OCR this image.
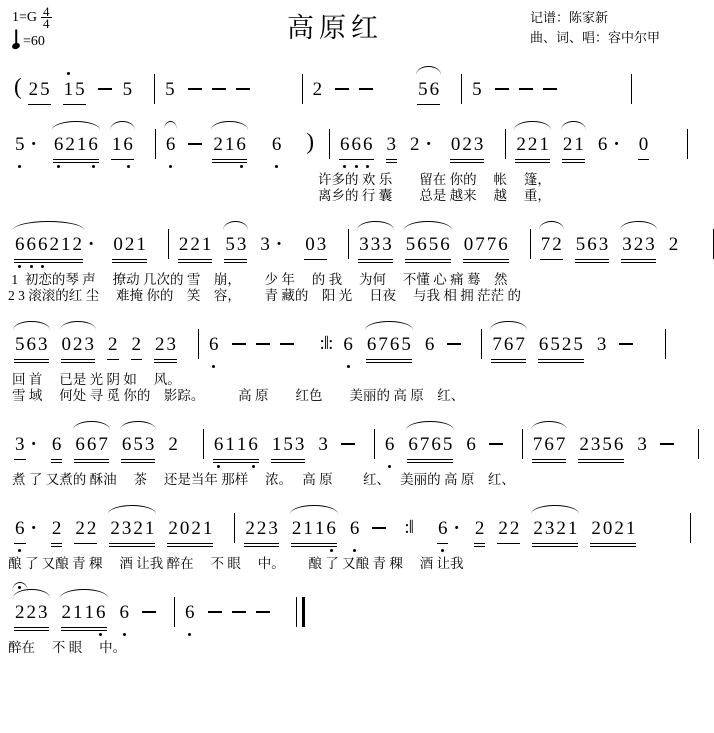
$1=G \frac{4}{4}$
=60	高原红	记谱：陈家新
曲、词、唱：容中尔甲
( 2 5 1 5 5 5	2	5 6 5
5 · 6 2 1 6 1 6 6 2 1 6 6 ) 6 6 6 3 2 · 0 2 3 2 2 1 2 1 6 · 0
许多的 欢 乐　　留在 你的　 帐　 篷，
离乡的 行 囊　　总是 越来　 越　 重，
6 6 6 2 1 2 · 0 2 1 2 2 1 5 3 3 · 0 3 3 3 3 5 6 5 6 0 7 7 6 7 2 5 6 3 3 2 3 2
1  初恋的琴 声　 撩动 几次的 雪　崩，　　 少 年　 的 我　 为何　 不懂 心 痛 蓦　然
2 3 滚滚的红 尘　 难掩 你的　笑　容，　　 青 藏的　阳 光　 日夜　 与我 相 拥 茫茫 的
5 6 3 0 2 3 2 2 2 3 6	:‖: 6 6 7 6 5 6	7 6 7 6 5 2 5 3
回 首　 已是 光 阴 如　 风。
雪 域　 何处 寻 觅 你的　影踪。　　　高 原　　红色　　美丽的 高 原　红、
3 · 6 6 6 7 6 5 3 2 6 1 1 6 1 5 3 3	6 6 7 6 5 6	7 6 7 2 3 5 6 3
煮 了 又煮的 酥油　 茶　 还是当年 那样　 浓。　 高 原　　 红、　 美丽的 高 原　红、
6 · 2 2 2 2 3 2 1 2 0 2 1 2 2 3 2 1 1 6 6 :‖ 6 · 2 2 2 2 3 2 1 2 0 2 1
酿 了 又酿 青 稞　 酒 让我 醉在　 不 眼　 中。　　 酿 了 又酿 青 稞　 酒 让我
2 2 3 2 1 1 6 6	6
醉在　 不 眼　 中。
